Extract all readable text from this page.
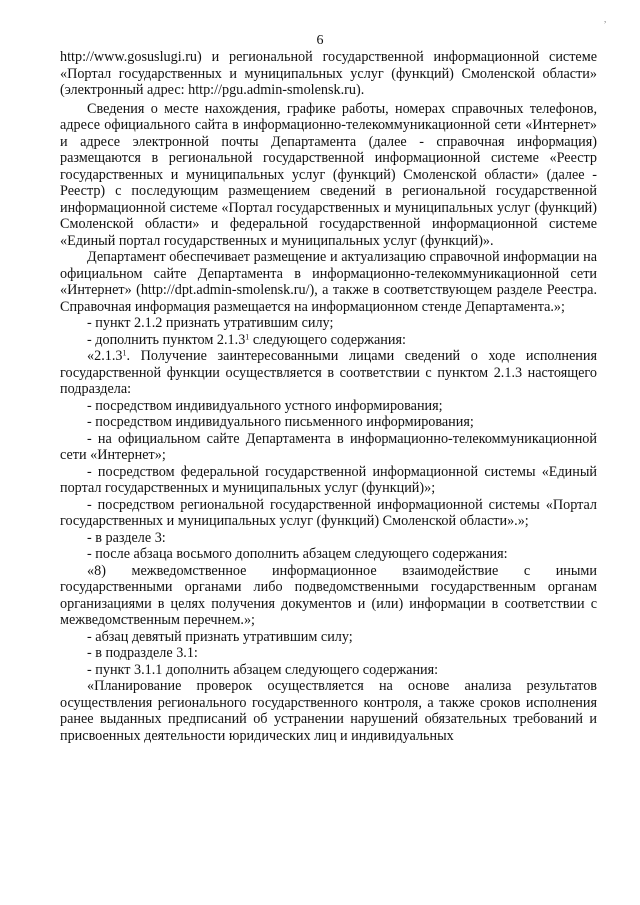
,
6

http://www.gosuslugi.ru) и региональной государственной информационной системе «Портал государственных и муниципальных услуг (функций) Смоленской области» (электронный адрес: http://pgu.admin-smolensk.ru).

Сведения о месте нахождения, графике работы, номерах справочных телефонов, адресе официального сайта в информационно-телекоммуникационной сети «Интернет» и адресе электронной почты Департамента (далее - справочная информация) размещаются в региональной государственной информационной системе «Реестр государственных и муниципальных услуг (функций) Смоленской области» (далее - Реестр) с последующим размещением сведений в региональной государственной информационной системе «Портал государственных и муниципальных услуг (функций) Смоленской области» и федеральной государственной информационной системе «Единый портал государственных и муниципальных услуг (функций)».

Департамент обеспечивает размещение и актуализацию справочной информации на официальном сайте Департамента в информационно-телекоммуникационной сети «Интернет» (http://dpt.admin-smolensk.ru/), а также в соответствующем разделе Реестра. Справочная информация размещается на информационном стенде Департамента.»;

- пункт 2.1.2 признать утратившим силу;

- дополнить пунктом 2.1.3$^1$ следующего содержания:

«2.1.3$^1$. Получение заинтересованными лицами сведений о ходе исполнения государственной функции осуществляется в соответствии с пунктом 2.1.3 настоящего подраздела:

- посредством индивидуального устного информирования;

- посредством индивидуального письменного информирования;

- на официальном сайте Департамента в информационно-телекоммуникационной сети «Интернет»;

- посредством федеральной государственной информационной системы «Единый портал государственных и муниципальных услуг (функций)»;

- посредством региональной государственной информационной системы «Портал государственных и муниципальных услуг (функций) Смоленской области».»;

- в разделе 3:

- после абзаца восьмого дополнить абзацем следующего содержания:

«8) межведомственное информационное взаимодействие с иными государственными органами либо подведомственными государственным органам организациями в целях получения документов и (или) информации в соответствии с межведомственным перечнем.»;

- абзац девятый признать утратившим силу;

- в подразделе 3.1:

- пункт 3.1.1 дополнить абзацем следующего содержания:

«Планирование проверок осуществляется на основе анализа результатов осуществления регионального государственного контроля, а также сроков исполнения ранее выданных предписаний об устранении нарушений обязательных требований и присвоенных деятельности юридических лиц и индивидуальных
